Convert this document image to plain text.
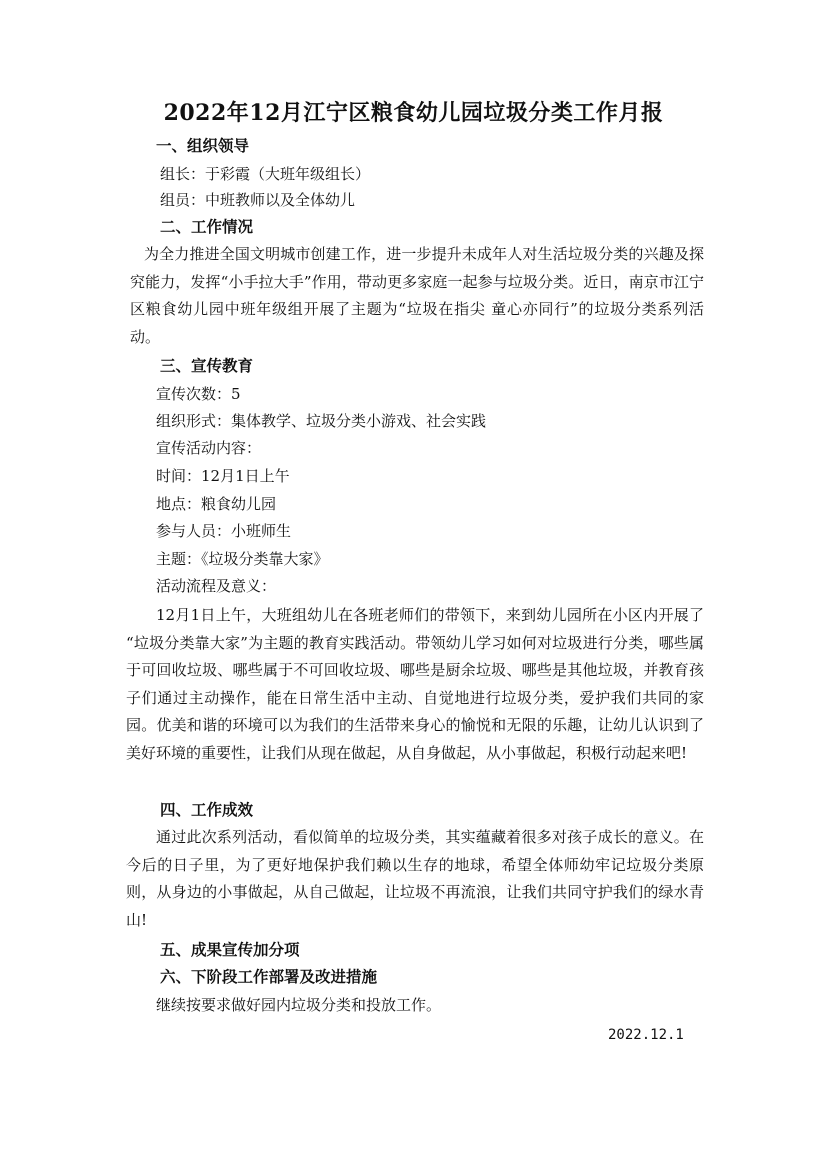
2022年12月江宁区粮食幼儿园垃圾分类工作月报
一、组织领导
组长：于彩霞（大班年级组长）
组员：中班教师以及全体幼儿
二、工作情况
为全力推进全国文明城市创建工作，进一步提升未成年人对生活垃圾分类的兴趣及探究能力，发挥“小手拉大手”作用，带动更多家庭一起参与垃圾分类。近日，南京市江宁区粮食幼儿园中班年级组开展了主题为“垃圾在指尖 童心亦同行”的垃圾分类系列活动。
三、宣传教育
宣传次数：5
组织形式：集体教学、垃圾分类小游戏、社会实践
宣传活动内容：
时间：12月1日上午
地点：粮食幼儿园
参与人员：小班师生
主题：《垃圾分类靠大家》
活动流程及意义：
12月1日上午，大班组幼儿在各班老师们的带领下，来到幼儿园所在小区内开展了 “垃圾分类靠大家”为主题的教育实践活动。带领幼儿学习如何对垃圾进行分类，哪些属于可回收垃圾、哪些属于不可回收垃圾、哪些是厨余垃圾、哪些是其他垃圾，并教育孩子们通过主动操作，能在日常生活中主动、自觉地进行垃圾分类，爱护我们共同的家园。优美和谐的环境可以为我们的生活带来身心的愉悦和无限的乐趣，让幼儿认识到了美好环境的重要性，让我们从现在做起，从自身做起，从小事做起，积极行动起来吧!
四、工作成效
通过此次系列活动，看似简单的垃圾分类，其实蕴藏着很多对孩子成长的意义。在今后的日子里，为了更好地保护我们赖以生存的地球，希望全体师幼牢记垃圾分类原则，从身边的小事做起，从自己做起，让垃圾不再流浪，让我们共同守护我们的绿水青山!
五、成果宣传加分项
六、下阶段工作部署及改进措施
继续按要求做好园内垃圾分类和投放工作。
2022.12.1
